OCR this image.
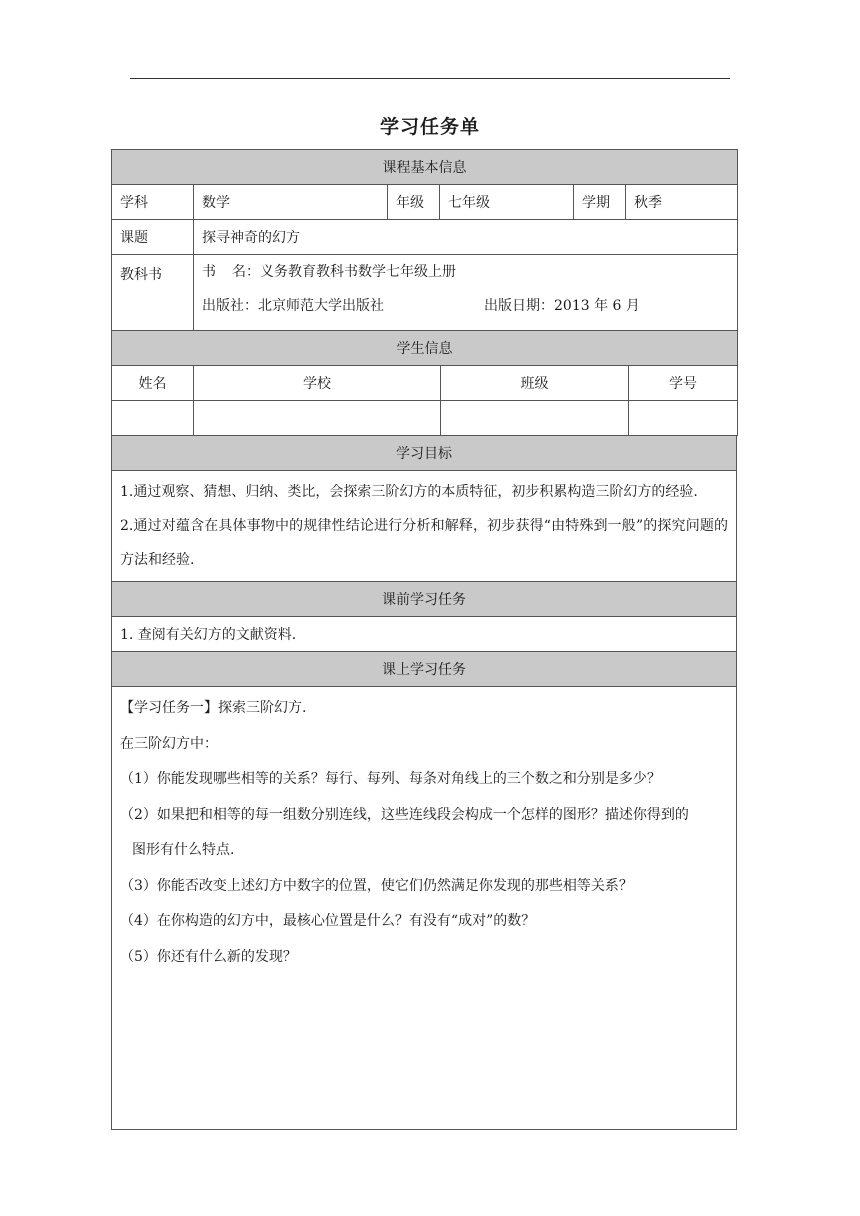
学习任务单
课程基本信息					
学科	数学	年级	七年级	学期	秋季
课题	探寻神奇的幻方				
教科书	书 名：义务教育教科书数学七年级上册
出版社：北京师范大学出版社 出版日期：2013 年 6 月				
学生信息			
姓名	学校	班级	学号

学习目标

1.通过观察、猜想、归纳、类比，会探索三阶幻方的本质特征，初步积累构造三阶幻方的经验.

2.通过对蕴含在具体事物中的规律性结论进行分析和解释，初步获得“由特殊到一般”的探究问题的方法和经验.

课前学习任务
1. 查阅有关幻方的文献资料.
课上学习任务

【学习任务一】探索三阶幻方.

在三阶幻方中：

（1）你能发现哪些相等的关系？每行、每列、每条对角线上的三个数之和分别是多少？

（2）如果把和相等的每一组数分别连线，这些连线段会构成一个怎样的图形？描述你得到的

图形有什么特点.

（3）你能否改变上述幻方中数字的位置，使它们仍然满足你发现的那些相等关系？

（4）在你构造的幻方中，最核心位置是什么？有没有“成对”的数？

（5）你还有什么新的发现？
